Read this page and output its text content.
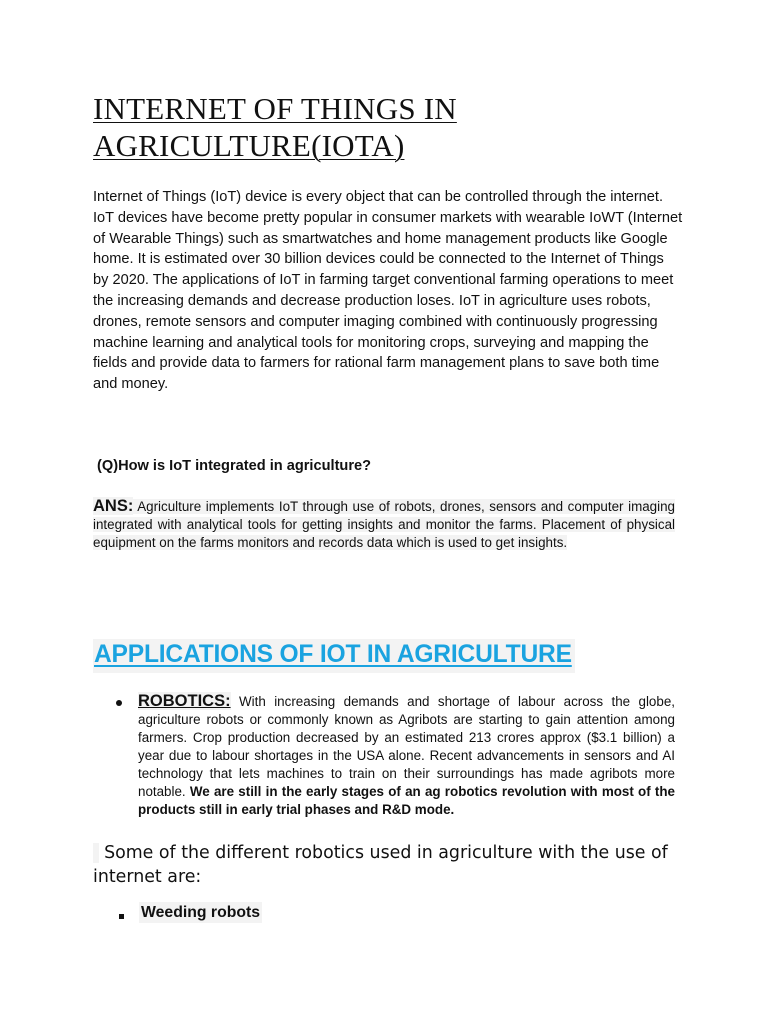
INTERNET OF THINGS IN
AGRICULTURE(IOTA)

Internet of Things (IoT) device is every object that can be controlled through the internet. IoT devices have become pretty popular in consumer markets with wearable IoWT (Internet of Wearable Things) such as smartwatches and home management products like Google home. It is estimated over 30 billion devices could be connected to the Internet of Things by 2020. The applications of IoT in farming target conventional farming operations to meet the increasing demands and decrease production loses. IoT in agriculture uses robots, drones, remote sensors and computer imaging combined with continuously progressing machine learning and analytical tools for monitoring crops, surveying and mapping the fields and provide data to farmers for rational farm management plans to save both time and money.

(Q)How is IoT integrated in agriculture?

ANS: Agriculture implements IoT through use of robots, drones, sensors and computer imaging integrated with analytical tools for getting insights and monitor the farms. Placement of physical equipment on the farms monitors and records data which is used to get insights.

APPLICATIONS OF IOT IN AGRICULTURE

ROBOTICS: With increasing demands and shortage of labour across the globe, agriculture robots or commonly known as Agribots are starting to gain attention among farmers. Crop production decreased by an estimated 213 crores approx ($3.1 billion) a year due to labour shortages in the USA alone. Recent advancements in sensors and AI technology that lets machines to train on their surroundings has made agribots more notable. We are still in the early stages of an ag robotics revolution with most of the products still in early trial phases and R&D mode.

Some of the different robotics used in agriculture with the use of internet are:

Weeding robots
